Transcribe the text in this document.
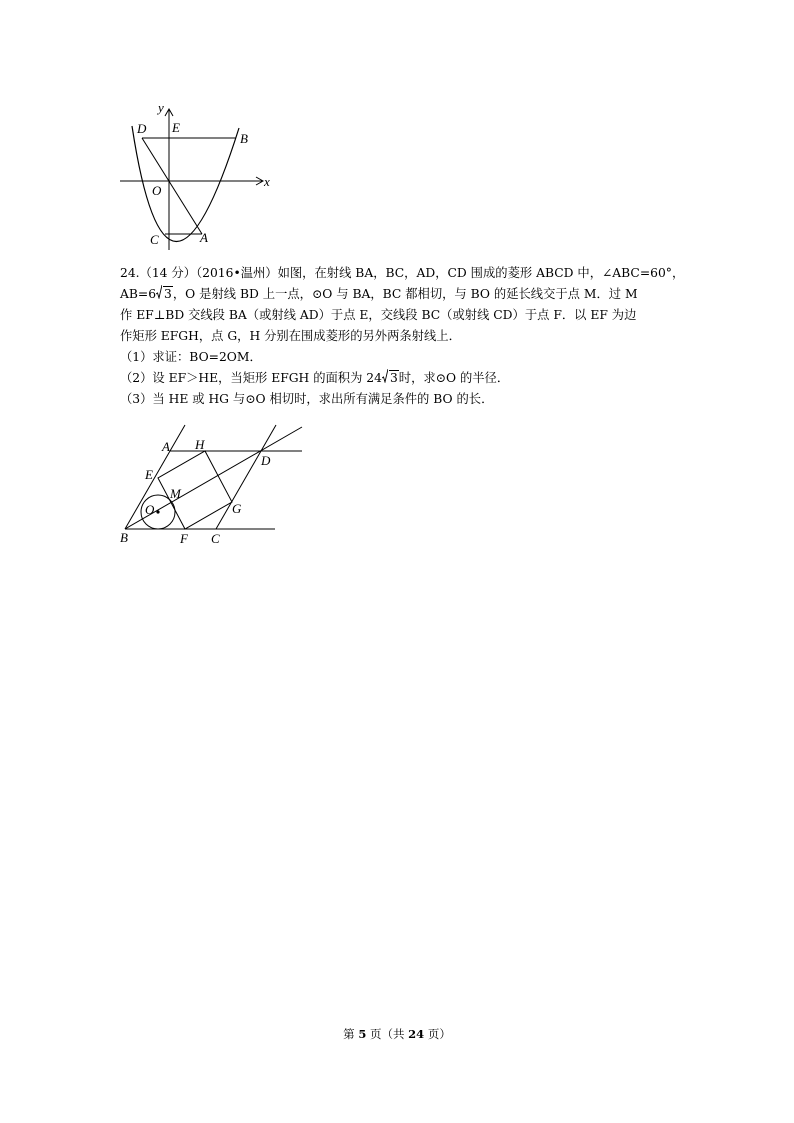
y
x
D E
B
O
C	A

24.（14 分）（2016•温州）如图，在射线 BA，BC，AD，CD 围成的菱形 ABCD 中，∠ABC=60°，

AB=6 3，O 是射线 BD 上一点，⊙O 与 BA，BC 都相切，与 BO 的延长线交于点 M．过 M

作 EF⊥BD 交线段 BA（或射线 AD）于点 E，交线段 BC（或射线 CD）于点 F．以 EF 为边

作矩形 EFGH，点 G，H 分别在围成菱形的另外两条射线上．

（1）求证：BO=2OM．

（2）设 EF＞HE，当矩形 EFGH 的面积为 24 3时，求⊙O 的半径．

（3）当 HE 或 HG 与⊙O 相切时，求出所有满足条件的 BO 的长．

A H
D
E
M
O	G
B	F C
第 5 页（共 24 页）
